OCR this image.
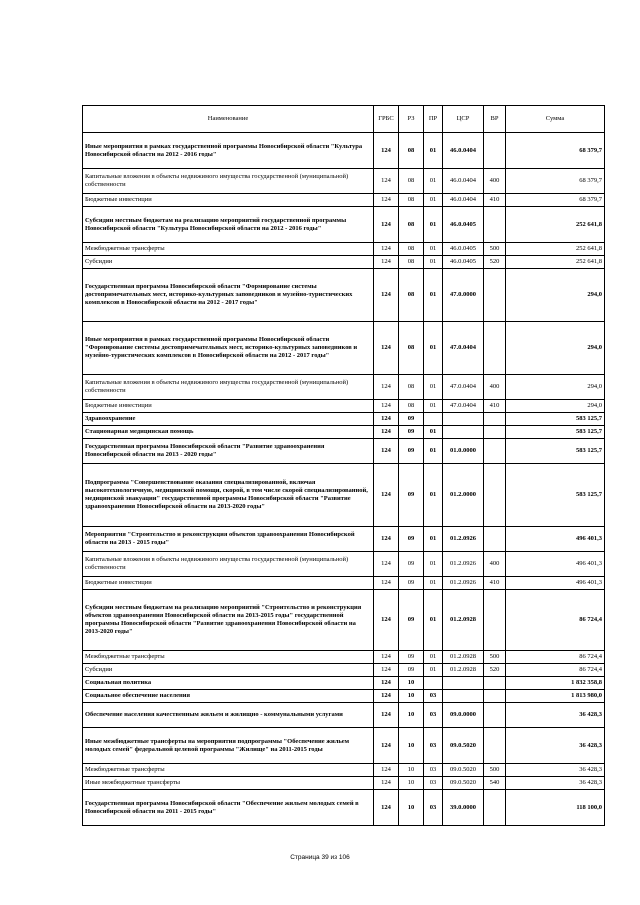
Наименование	ГРБС	РЗ	ПР	ЦСР	ВР	Сумма
Иные мероприятия в рамках государственной программы Новосибирской области "Культура Новосибирской области на 2012 - 2016 годы"	124	08	01	46.0.0404		68 379,7
Капитальные вложения в объекты недвижимого имущества государственной (муниципальной) собственности	124	08	01	46.0.0404	400	68 379,7
Бюджетные инвестиции	124	08	01	46.0.0404	410	68 379,7
Субсидии местным бюджетам на реализацию мероприятий государственной программы Новосибирской области "Культура Новосибирской области на 2012 - 2016 годы"	124	08	01	46.0.0405		252 641,8
Межбюджетные трансферты	124	08	01	46.0.0405	500	252 641,8
Субсидии	124	08	01	46.0.0405	520	252 641,8
Государственная программа Новосибирской области "Формирование системы достопримечательных мест, историко-культурных заповедников и музейно-туристических комплексов в Новосибирской области на 2012 - 2017 годы"	124	08	01	47.0.0000		294,0
Иные мероприятия в рамках государственной программы Новосибирской области "Формирование системы достопримечательных мест, историко-культурных заповедников и музейно-туристических комплексов в Новосибирской области на 2012 - 2017 годы"	124	08	01	47.0.0404		294,0
Капитальные вложения в объекты недвижимого имущества государственной (муниципальной) собственности	124	08	01	47.0.0404	400	294,0
Бюджетные инвестиции	124	08	01	47.0.0404	410	294,0
Здравоохранение	124	09				583 125,7
Стационарная медицинская помощь	124	09	01			583 125,7
Государственная программа Новосибирской области "Развитие здравоохранения Новосибирской области на 2013 - 2020 годы"	124	09	01	01.0.0000		583 125,7
Подпрограмма "Совершенствование оказания специализированной, включая высокотехнологичную, медицинской помощи, скорой, в том числе скорой специализированной, медицинской эвакуации" государственной программы Новосибирской области "Развитие здравоохранения Новосибирской области на 2013-2020 годы"	124	09	01	01.2.0000		583 125,7
Мероприятия "Строительство и реконструкция объектов здравоохранения Новосибирской области на 2013 - 2015 годы"	124	09	01	01.2.0926		496 401,3
Капитальные вложения в объекты недвижимого имущества государственной (муниципальной) собственности	124	09	01	01.2.0926	400	496 401,3
Бюджетные инвестиции	124	09	01	01.2.0926	410	496 401,3
Субсидии местным бюджетам на реализацию мероприятий "Строительство и реконструкция объектов здравоохранения Новосибирской области на 2013-2015 годы" государственной программы Новосибирской области "Развитие здравоохранения Новосибирской области на 2013-2020 годы"	124	09	01	01.2.0928		86 724,4
Межбюджетные трансферты	124	09	01	01.2.0928	500	86 724,4
Субсидии	124	09	01	01.2.0928	520	86 724,4
Социальная политика	124	10				1 832 358,8
Социальное обеспечение населения	124	10	03			1 813 980,0
Обеспечение населения качественным жильем и жилищно - коммунальными услугами	124	10	03	09.0.0000		36 428,3
Иные межбюджетные трансферты на мероприятия подпрограммы "Обеспечение жильем молодых семей" федеральной целевой программы "Жилище" на 2011-2015 годы	124	10	03	09.0.5020		36 428,3
Межбюджетные трансферты	124	10	03	09.0.5020	500	36 428,3
Иные межбюджетные трансферты	124	10	03	09.0.5020	540	36 428,3
Государственная программа Новосибирской области "Обеспечение жильем молодых семей в Новосибирской области на 2011 - 2015 годы"	124	10	03	39.0.0000		118 100,0
Страница 39 из 106
